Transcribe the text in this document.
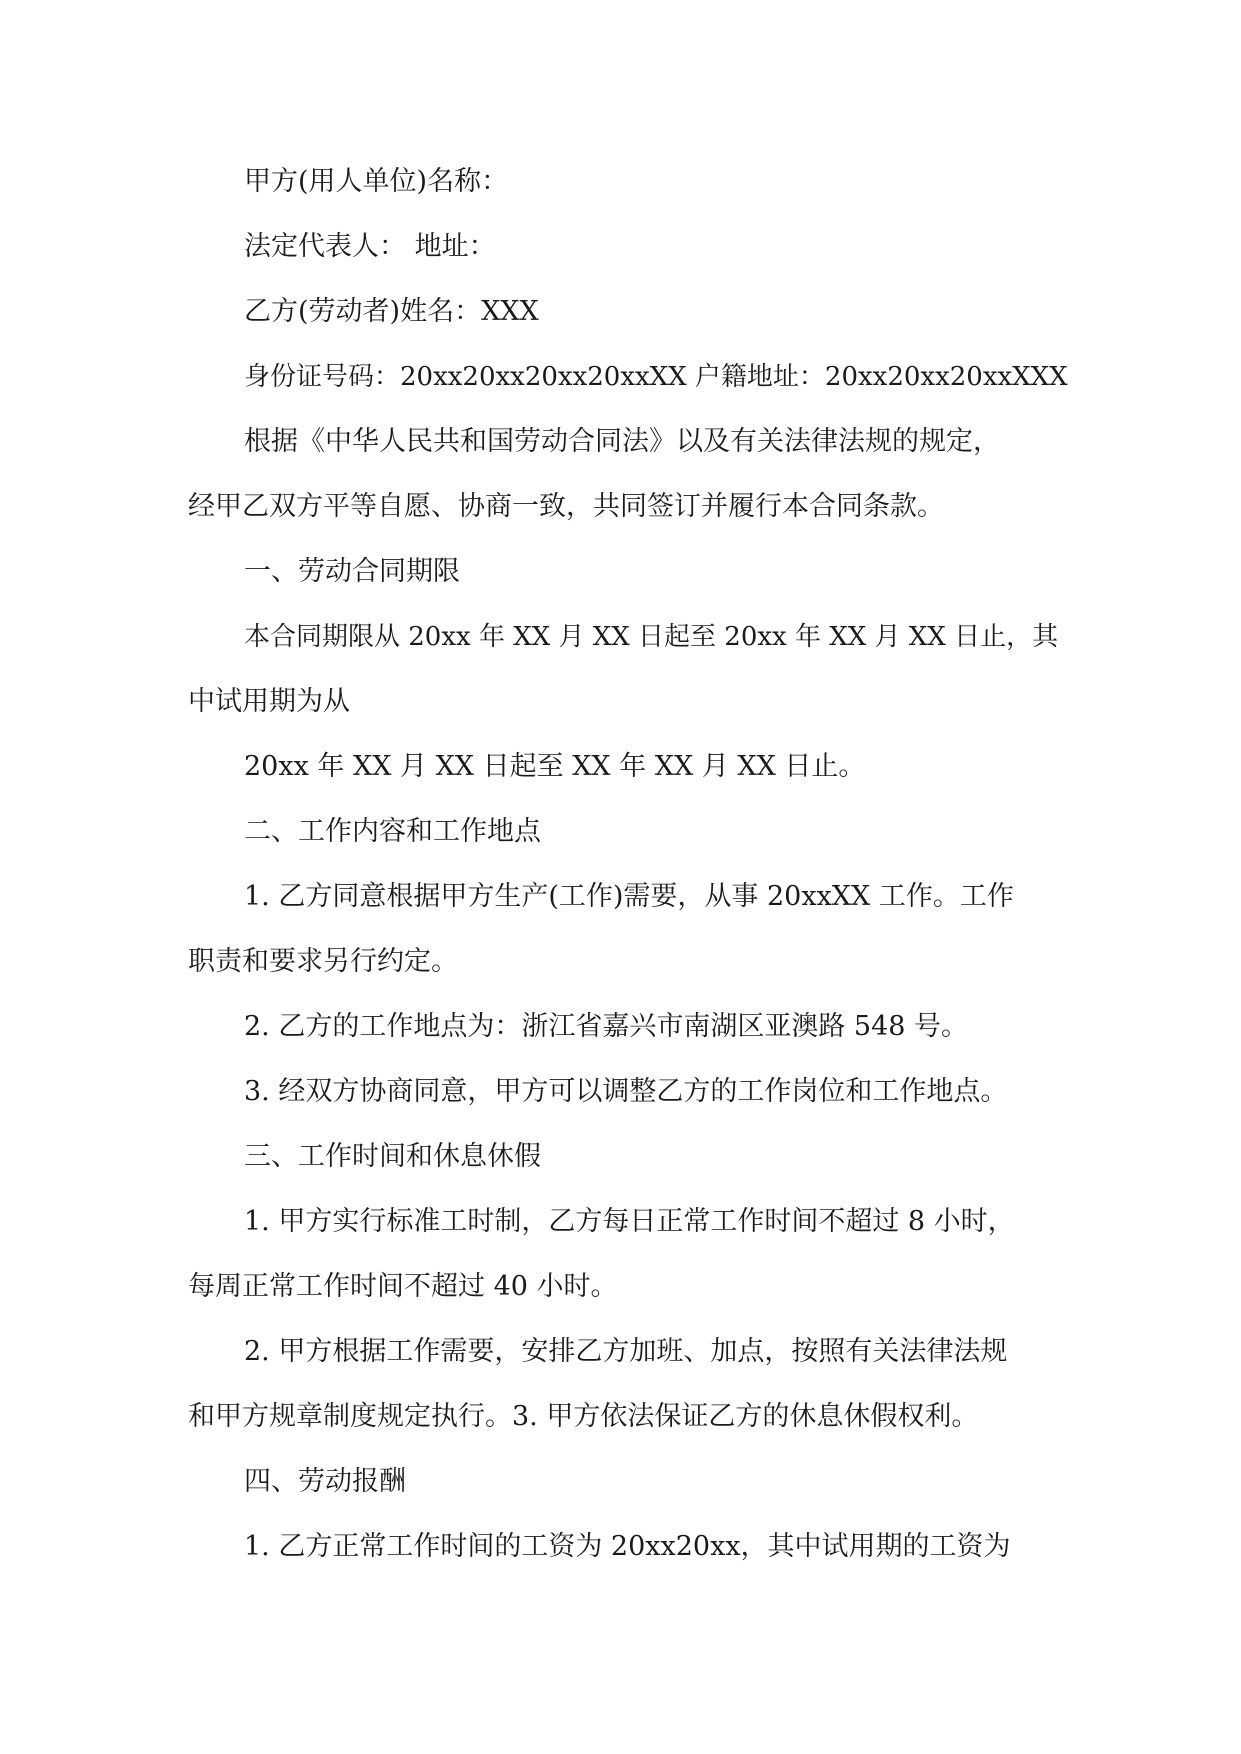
甲方(用人单位)名称：
法定代表人： 地址：
乙方(劳动者)姓名：XXX
身份证号码：20xx20xx20xx20xxXX 户籍地址：20xx20xx20xxXXX
根据《中华人民共和国劳动合同法》以及有关法律法规的规定，
经甲乙双方平等自愿、协商一致，共同签订并履行本合同条款。
一、劳动合同期限
本合同期限从 20xx 年 XX 月 XX 日起至 20xx 年 XX 月 XX 日止，其
中试用期为从
20xx 年 XX 月 XX 日起至 XX 年 XX 月 XX 日止。
二、工作内容和工作地点
1. 乙方同意根据甲方生产(工作)需要，从事 20xxXX 工作。工作
职责和要求另行约定。
2. 乙方的工作地点为：浙江省嘉兴市南湖区亚澳路 548 号。
3. 经双方协商同意，甲方可以调整乙方的工作岗位和工作地点。
三、工作时间和休息休假
1. 甲方实行标准工时制，乙方每日正常工作时间不超过 8 小时，
每周正常工作时间不超过 40 小时。
2. 甲方根据工作需要，安排乙方加班、加点，按照有关法律法规
和甲方规章制度规定执行。3. 甲方依法保证乙方的休息休假权利。
四、劳动报酬
1. 乙方正常工作时间的工资为 20xx20xx，其中试用期的工资为
